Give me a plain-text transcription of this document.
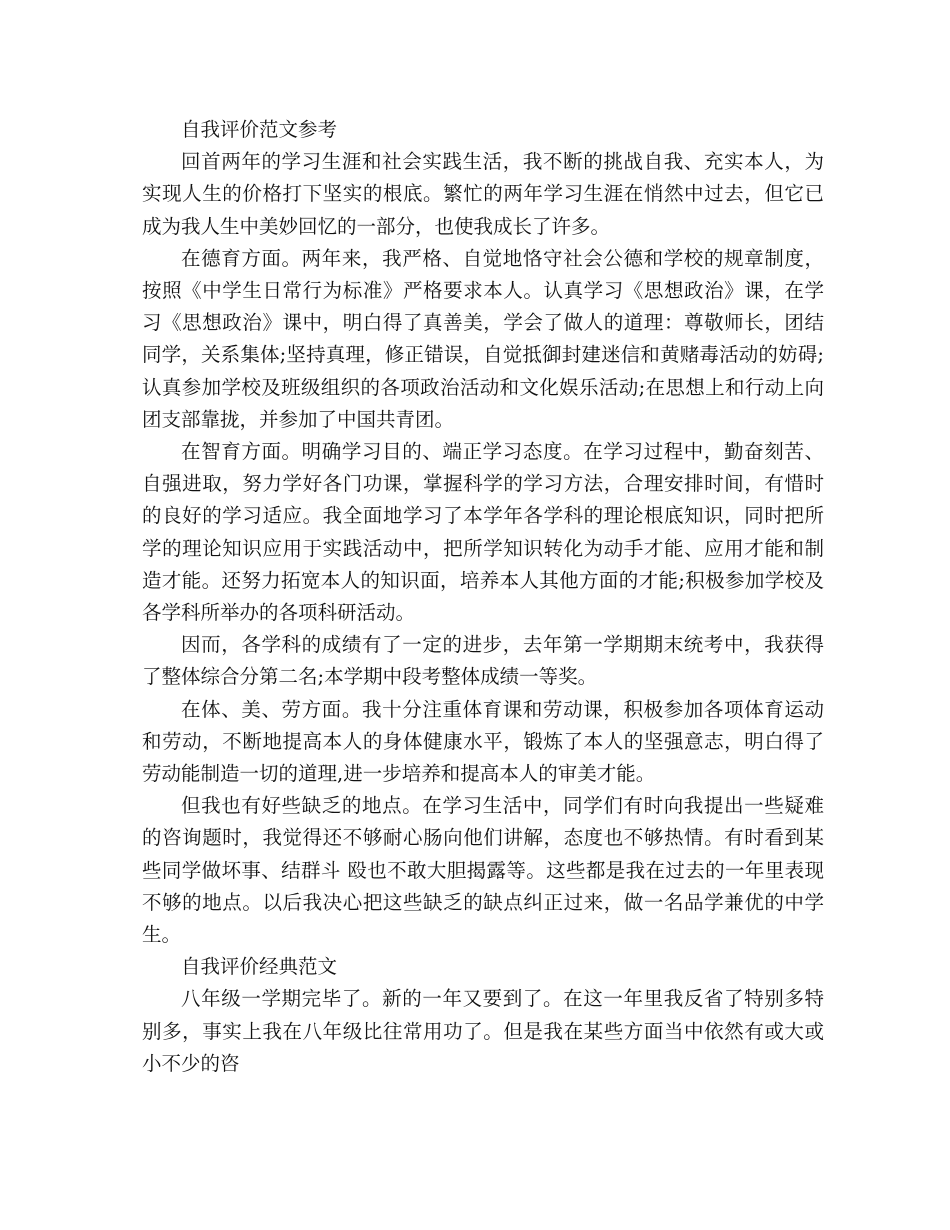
自我评价范文参考

回首两年的学习生涯和社会实践生活，我不断的挑战自我、充实本人，为实现人生的价格打下坚实的根底。繁忙的两年学习生涯在悄然中过去，但它已成为我人生中美妙回忆的一部分，也使我成长了许多。

在德育方面。两年来，我严格、自觉地恪守社会公德和学校的规章制度，按照《中学生日常行为标准》严格要求本人。认真学习《思想政治》课，在学习《思想政治》课中，明白得了真善美，学会了做人的道理：尊敬师长，团结同学，关系集体;坚持真理，修正错误，自觉抵御封建迷信和黄赌毒活动的妨碍;认真参加学校及班级组织的各项政治活动和文化娱乐活动;在思想上和行动上向团支部靠拢，并参加了中国共青团。

在智育方面。明确学习目的、端正学习态度。在学习过程中，勤奋刻苦、自强进取，努力学好各门功课，掌握科学的学习方法，合理安排时间，有惜时的良好的学习适应。我全面地学习了本学年各学科的理论根底知识，同时把所学的理论知识应用于实践活动中，把所学知识转化为动手才能、应用才能和制造才能。还努力拓宽本人的知识面，培养本人其他方面的才能;积极参加学校及各学科所举办的各项科研活动。

因而，各学科的成绩有了一定的进步，去年第一学期期末统考中，我获得了整体综合分第二名;本学期中段考整体成绩一等奖。

在体、美、劳方面。我十分注重体育课和劳动课，积极参加各项体育运动和劳动，不断地提高本人的身体健康水平，锻炼了本人的坚强意志，明白得了劳动能制造一切的道理,进一步培养和提高本人的审美才能。

但我也有好些缺乏的地点。在学习生活中，同学们有时向我提出一些疑难的咨询题时，我觉得还不够耐心肠向他们讲解，态度也不够热情。有时看到某些同学做坏事、结群斗 殴也不敢大胆揭露等。这些都是我在过去的一年里表现不够的地点。以后我决心把这些缺乏的缺点纠正过来，做一名品学兼优的中学生。

自我评价经典范文

八年级一学期完毕了。新的一年又要到了。在这一年里我反省了特别多特别多，事实上我在八年级比往常用功了。但是我在某些方面当中依然有或大或小不少的咨
